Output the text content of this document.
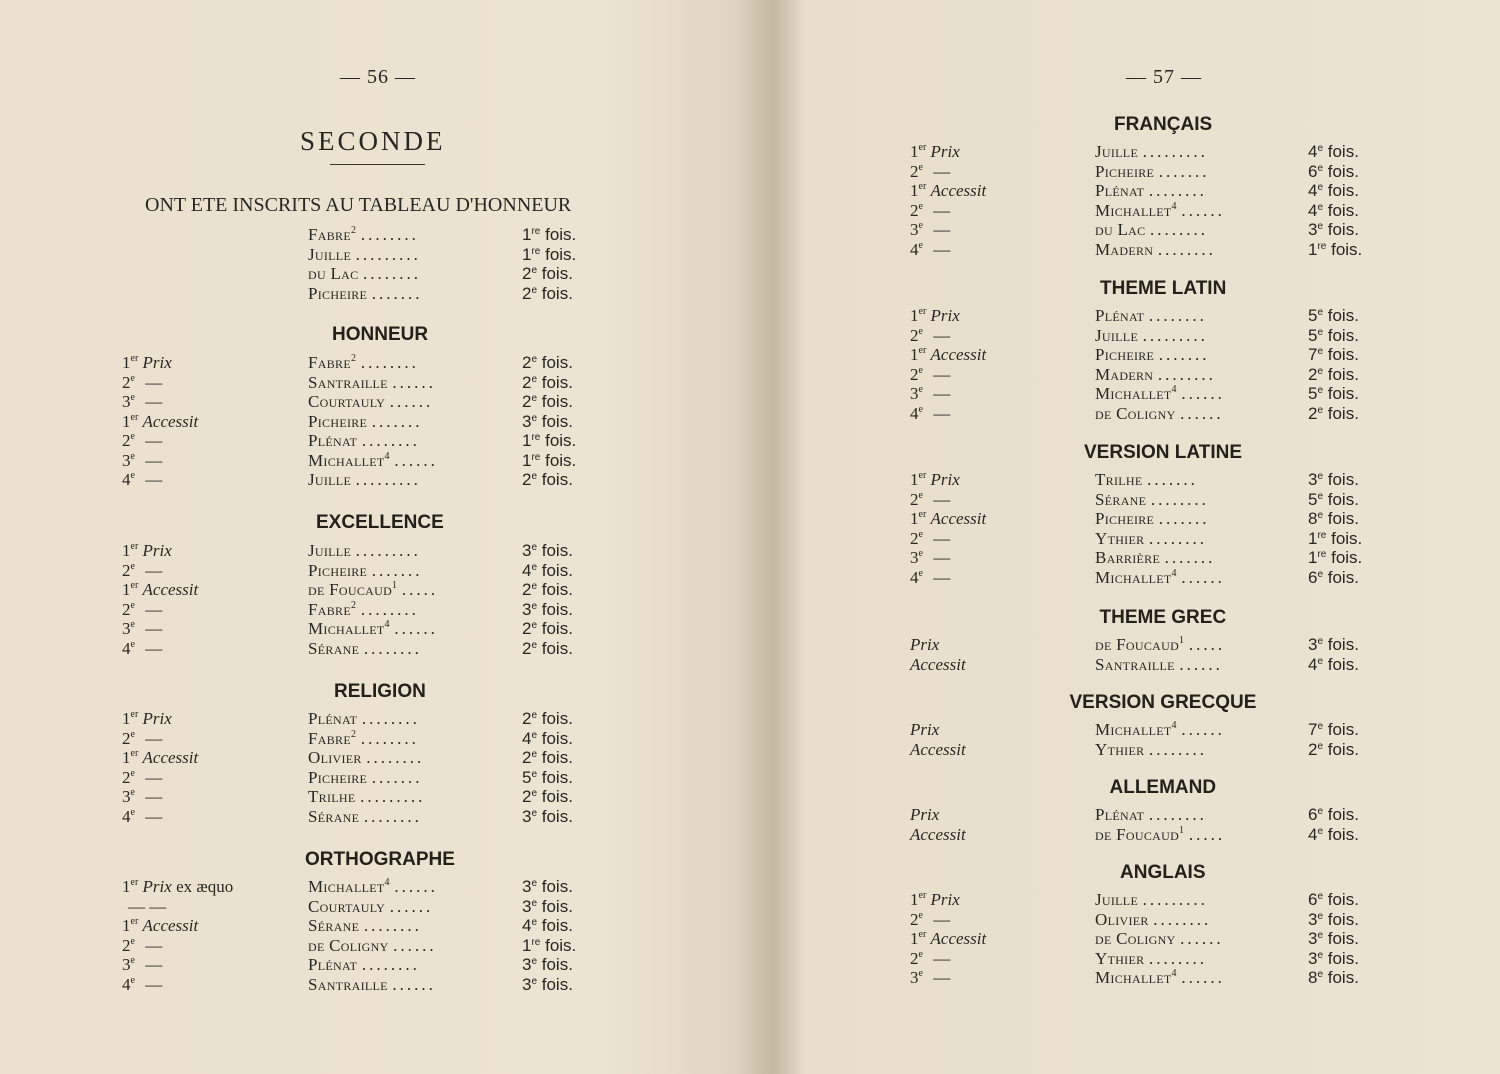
— 56 —
SECONDE
ONT ETE INSCRITS AU TABLEAU D'HONNEUR
— 57 —
Fabre$^2$ ........	1re fois.
Juille .........	1re fois.
du Lac ........	2e fois.
Picheire .......	2e fois.
HONNEUR
1er Prix	Fabre$^2$ ........	2e fois.
2e —	Santraille ......	2e fois.
3e —	Courtauly ......	2e fois.
1er Accessit	Picheire .......	3e fois.
2e —	Plénat ........	1re fois.
3e —	Michallet$^4$ ......	1re fois.
4e —	Juille .........	2e fois.
EXCELLENCE
1er Prix	Juille .........	3e fois.
2e —	Picheire .......	4e fois.
1er Accessit	de Foucaud$^1$ .....	2e fois.
2e —	Fabre$^2$ ........	3e fois.
3e —	Michallet$^4$ ......	2e fois.
4e —	Sérane ........	2e fois.
RELIGION
1er Prix	Plénat ........	2e fois.
2e —	Fabre$^2$ ........	4e fois.
1er Accessit	Olivier ........	2e fois.
2e —	Picheire .......	5e fois.
3e —	Trilhe .........	2e fois.
4e —	Sérane ........	3e fois.
ORTHOGRAPHE
1er Prix ex æquo	Michallet$^4$ ......	3e fois.
— —	Courtauly ......	3e fois.
1er Accessit	Sérane ........	4e fois.
2e —	de Coligny ......	1re fois.
3e —	Plénat ........	3e fois.
4e —	Santraille ......	3e fois.
FRANÇAIS
1er Prix	Juille .........	4e fois.
2e —	Picheire .......	6e fois.
1er Accessit	Plénat ........	4e fois.
2e —	Michallet$^4$ ......	4e fois.
3e —	du Lac ........	3e fois.
4e —	Madern ........	1re fois.
THEME LATIN
1er Prix	Plénat ........	5e fois.
2e —	Juille .........	5e fois.
1er Accessit	Picheire .......	7e fois.
2e —	Madern ........	2e fois.
3e —	Michallet$^4$ ......	5e fois.
4e —	de Coligny ......	2e fois.
VERSION LATINE
1er Prix	Trilhe .......	3e fois.
2e —	Sérane ........	5e fois.
1er Accessit	Picheire .......	8e fois.
2e —	Ythier ........	1re fois.
3e —	Barrière .......	1re fois.
4e —	Michallet$^4$ ......	6e fois.
THEME GREC
Prix	de Foucaud$^1$ .....	3e fois.
Accessit	Santraille ......	4e fois.
VERSION GRECQUE
Prix	Michallet$^4$ ......	7e fois.
Accessit	Ythier ........	2e fois.
ALLEMAND
Prix	Plénat ........	6e fois.
Accessit	de Foucaud$^1$ .....	4e fois.
ANGLAIS
1er Prix	Juille .........	6e fois.
2e —	Olivier ........	3e fois.
1er Accessit	de Coligny ......	3e fois.
2e —	Ythier ........	3e fois.
3e —	Michallet$^4$ ......	8e fois.
